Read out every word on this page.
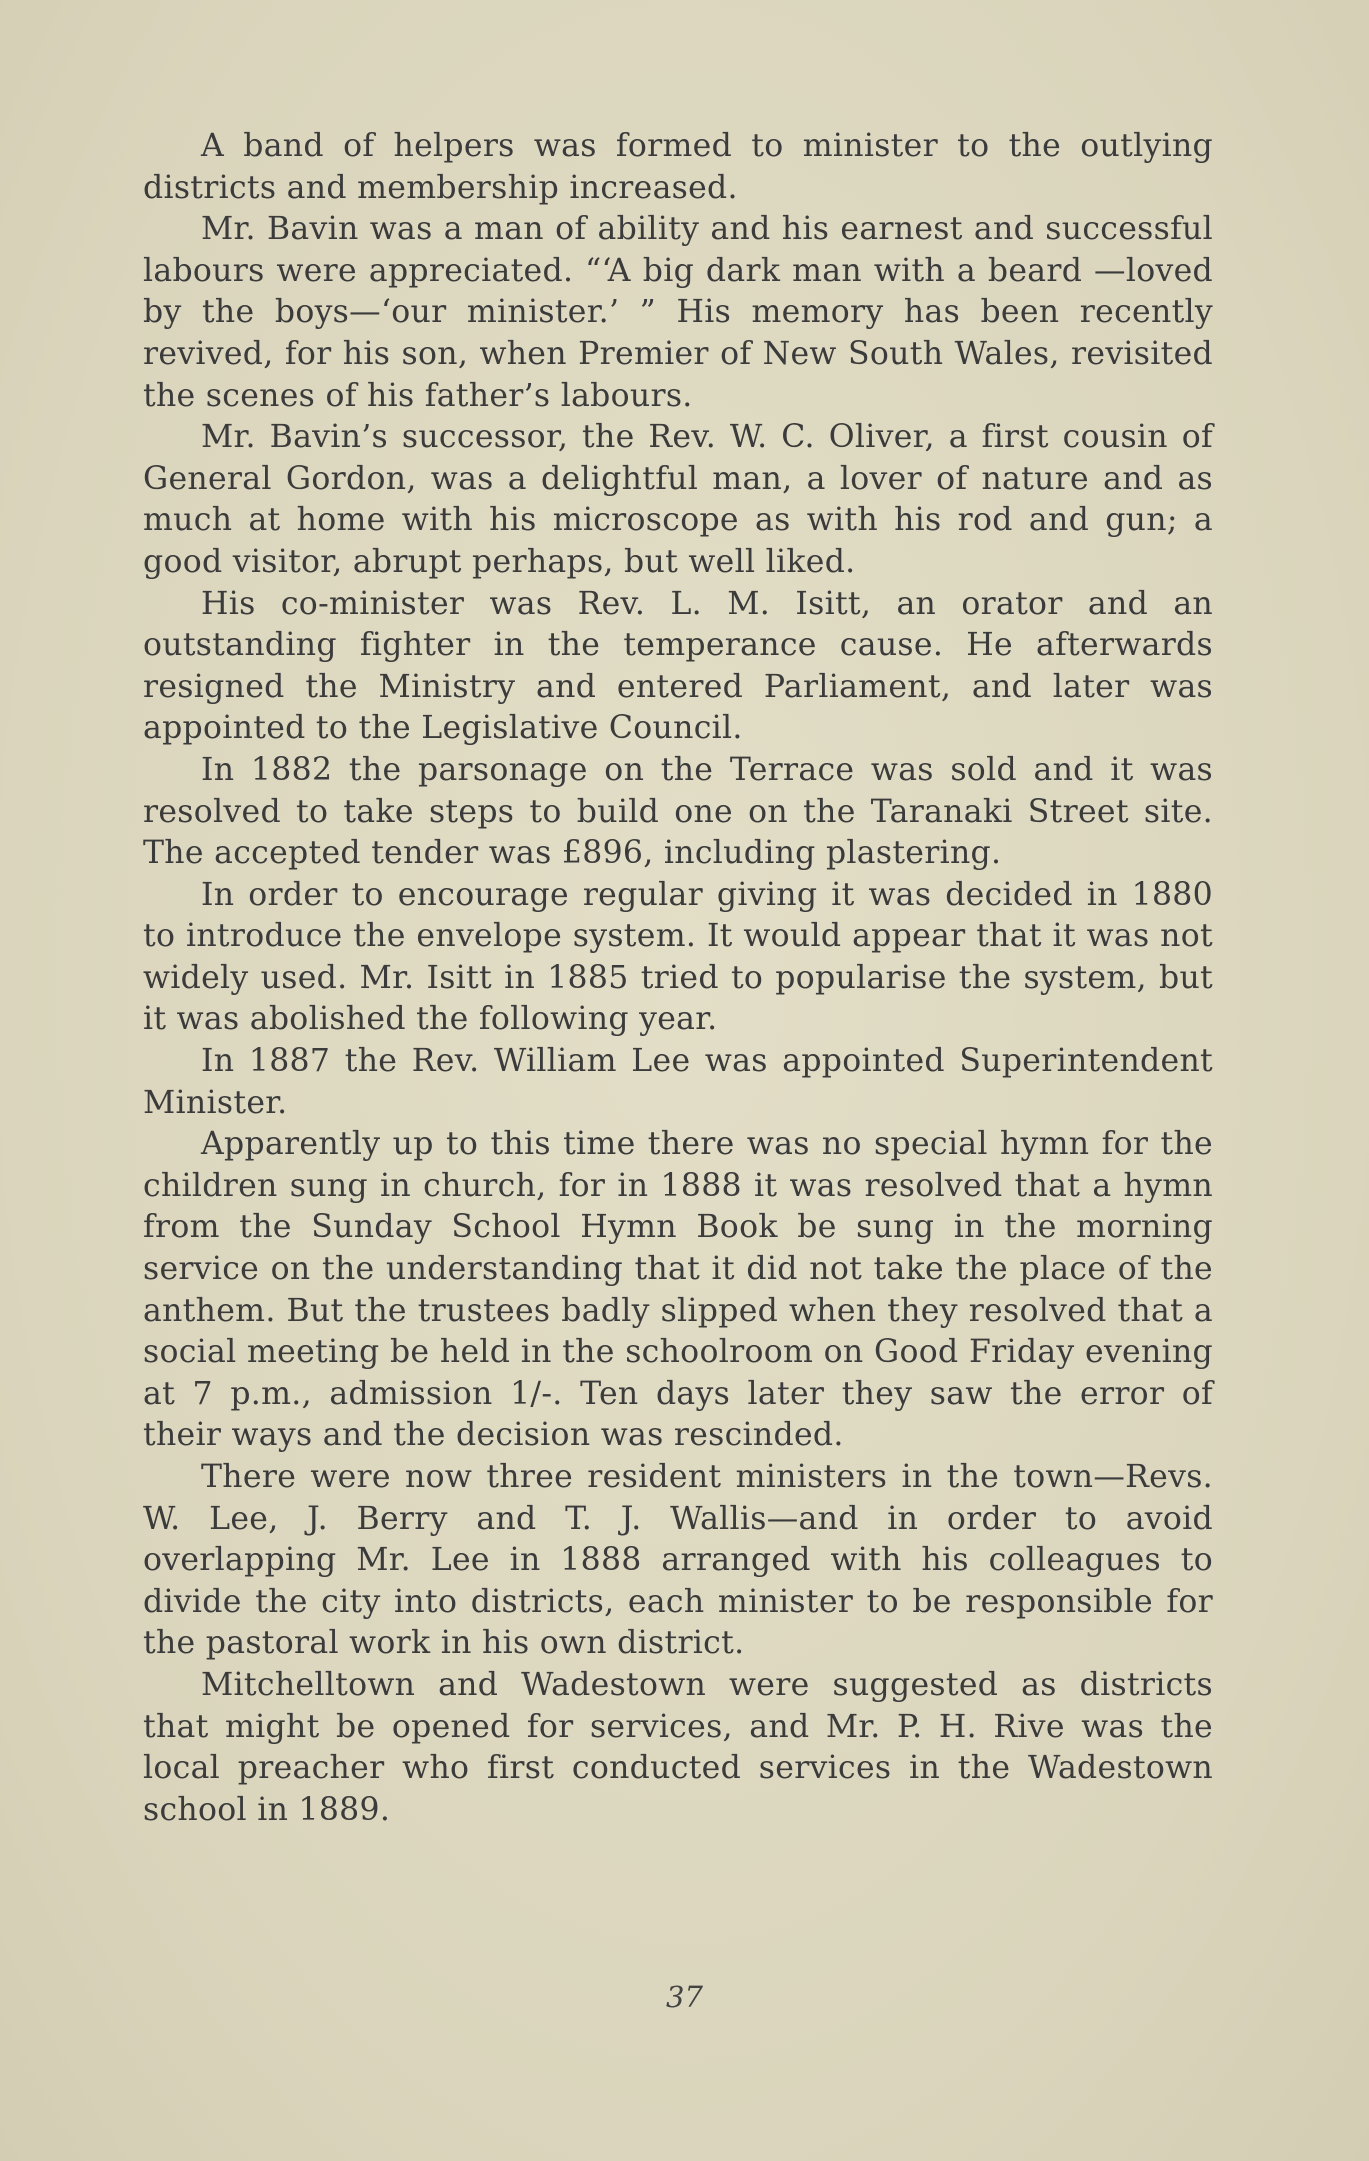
A band of helpers was formed to minister to the outlying districts and membership increased.

Mr. Bavin was a man of ability and his earnest and successful labours were appreciated. “‘A big dark man with a beard —loved by the boys—‘our minister.’ ” His memory has been recently revived, for his son, when Premier of New South Wales, revisited the scenes of his father’s labours.

Mr. Bavin’s successor, the Rev. W. C. Oliver, a first cousin of General Gordon, was a delightful man, a lover of nature and as much at home with his microscope as with his rod and gun; a good visitor, abrupt perhaps, but well liked.

His co-minister was Rev. L. M. Isitt, an orator and an outstanding fighter in the temperance cause. He afterwards resigned the Ministry and entered Parliament, and later was appointed to the Legislative Council.

In 1882 the parsonage on the Terrace was sold and it was resolved to take steps to build one on the Taranaki Street site. The accepted tender was £896, including plastering.

In order to encourage regular giving it was decided in 1880 to introduce the envelope system. It would appear that it was not widely used. Mr. Isitt in 1885 tried to popularise the system, but it was abolished the following year.

In 1887 the Rev. William Lee was appointed Superintendent Minister.

Apparently up to this time there was no special hymn for the children sung in church, for in 1888 it was resolved that a hymn from the Sunday School Hymn Book be sung in the morning service on the understanding that it did not take the place of the anthem. But the trustees badly slipped when they resolved that a social meeting be held in the schoolroom on Good Friday evening at 7 p.m., admission 1/-. Ten days later they saw the error of their ways and the decision was rescinded.

There were now three resident ministers in the town—Revs. W. Lee, J. Berry and T. J. Wallis—and in order to avoid overlapping Mr. Lee in 1888 arranged with his colleagues to divide the city into districts, each minister to be responsible for the pastoral work in his own district.

Mitchelltown and Wadestown were suggested as districts that might be opened for services, and Mr. P. H. Rive was the local preacher who first conducted services in the Wadestown school in 1889.

37
